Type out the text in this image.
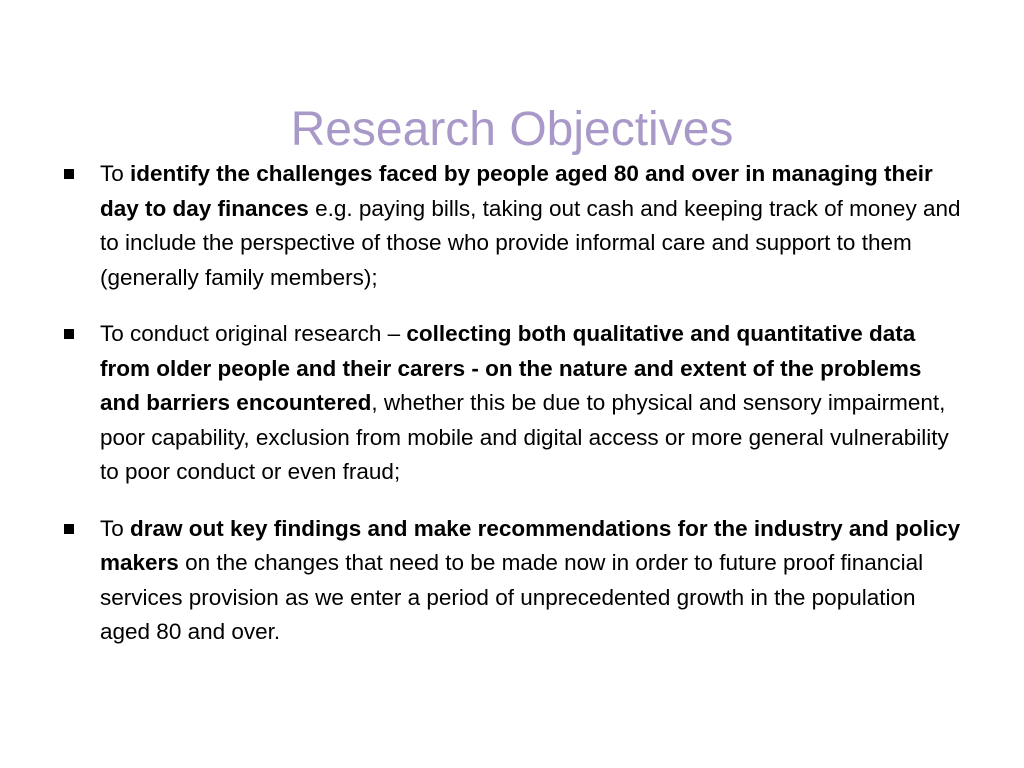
Research Objectives
To identify the challenges faced by people aged 80 and over in managing their day to day finances e.g. paying bills, taking out cash and keeping track of money and to include the perspective of those who provide informal care and support to them (generally family members);
To conduct original research – collecting both qualitative and quantitative data from older people and their carers - on the nature and extent of the problems and barriers encountered, whether this be due to physical and sensory impairment, poor capability, exclusion from mobile and digital access or more general vulnerability to poor conduct or even fraud;
To draw out key findings and make recommendations for the industry and policy makers on the changes that need to be made now in order to future proof financial services provision as we enter a period of unprecedented growth in the population aged 80 and over.
